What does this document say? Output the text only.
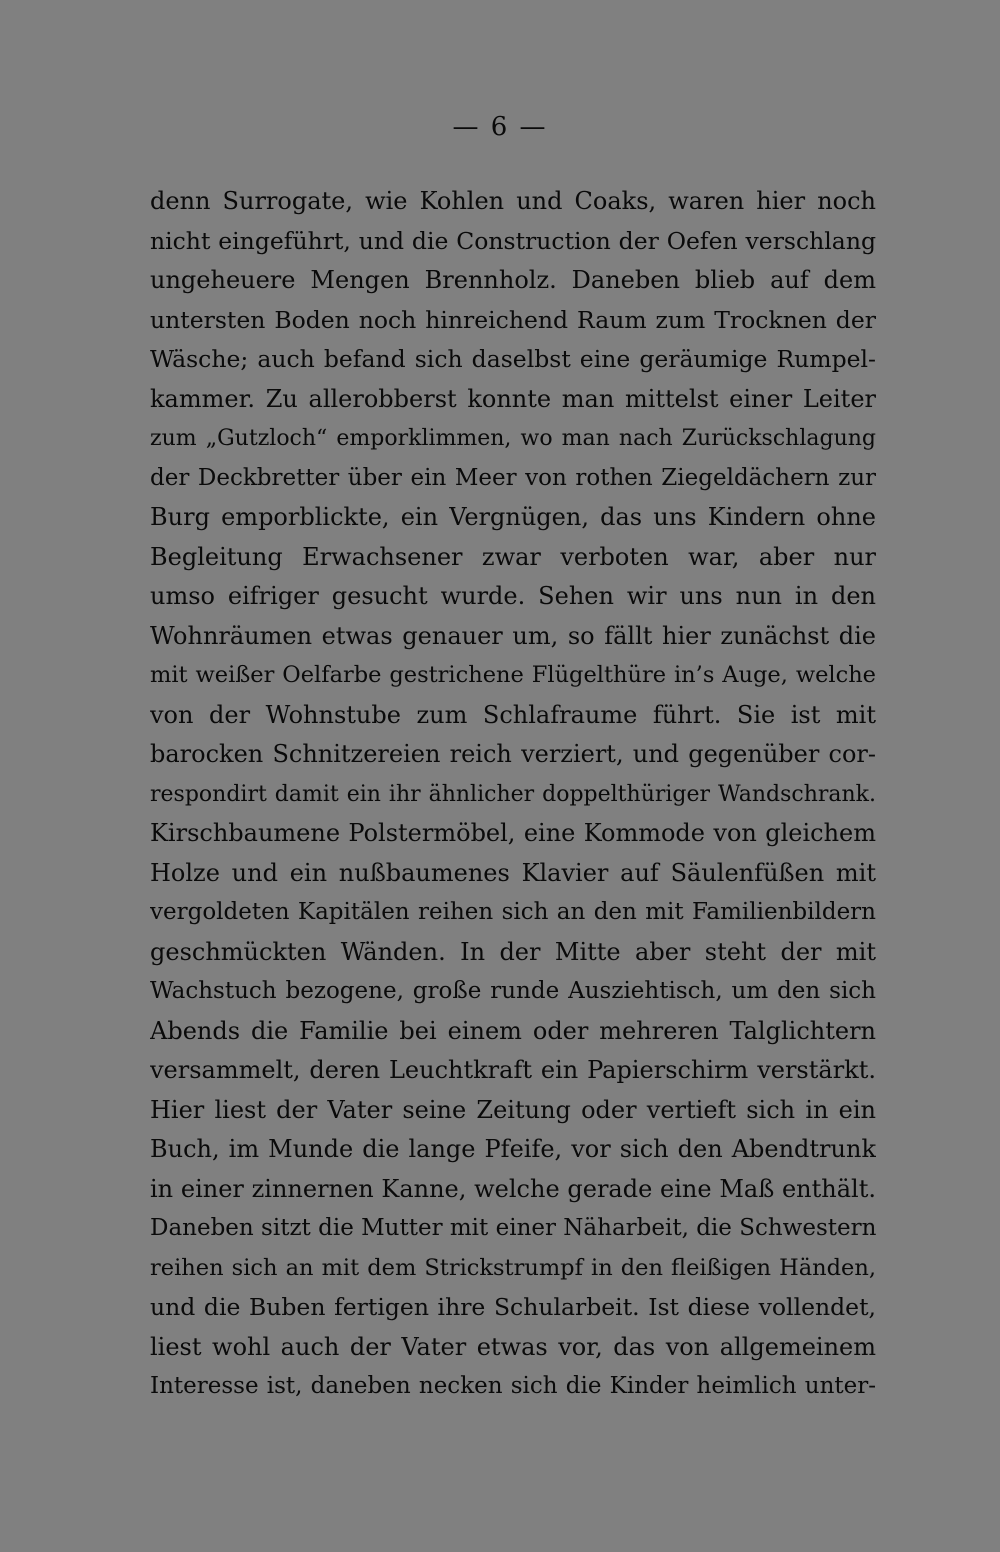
— 6 —
denn Surrogate, wie Kohlen und Coaks, waren hier noch
nicht eingeführt, und die Construction der Oefen verschlang
ungeheuere Mengen Brennholz. Daneben blieb auf dem
untersten Boden noch hinreichend Raum zum Trocknen der
Wäsche; auch befand sich daselbst eine geräumige Rumpel-
kammer. Zu allerobberst konnte man mittelst einer Leiter
zum „Gutzloch“ emporklimmen, wo man nach Zurückschlagung
der Deckbretter über ein Meer von rothen Ziegeldächern zur
Burg emporblickte, ein Vergnügen, das uns Kindern ohne
Begleitung Erwachsener zwar verboten war, aber nur
umso eifriger gesucht wurde. Sehen wir uns nun in den
Wohnräumen etwas genauer um, so fällt hier zunächst die
mit weißer Oelfarbe gestrichene Flügelthüre in’s Auge, welche
von der Wohnstube zum Schlafraume führt. Sie ist mit
barocken Schnitzereien reich verziert, und gegenüber cor-
respondirt damit ein ihr ähnlicher doppelthüriger Wandschrank.
Kirschbaumene Polstermöbel, eine Kommode von gleichem
Holze und ein nußbaumenes Klavier auf Säulenfüßen mit
vergoldeten Kapitälen reihen sich an den mit Familienbildern
geschmückten Wänden. In der Mitte aber steht der mit
Wachstuch bezogene, große runde Ausziehtisch, um den sich
Abends die Familie bei einem oder mehreren Talglichtern
versammelt, deren Leuchtkraft ein Papierschirm verstärkt.
Hier liest der Vater seine Zeitung oder vertieft sich in ein
Buch, im Munde die lange Pfeife, vor sich den Abendtrunk
in einer zinnernen Kanne, welche gerade eine Maß enthält.
Daneben sitzt die Mutter mit einer Näharbeit, die Schwestern
reihen sich an mit dem Strickstrumpf in den fleißigen Händen,
und die Buben fertigen ihre Schularbeit. Ist diese vollendet,
liest wohl auch der Vater etwas vor, das von allgemeinem
Interesse ist, daneben necken sich die Kinder heimlich unter-
